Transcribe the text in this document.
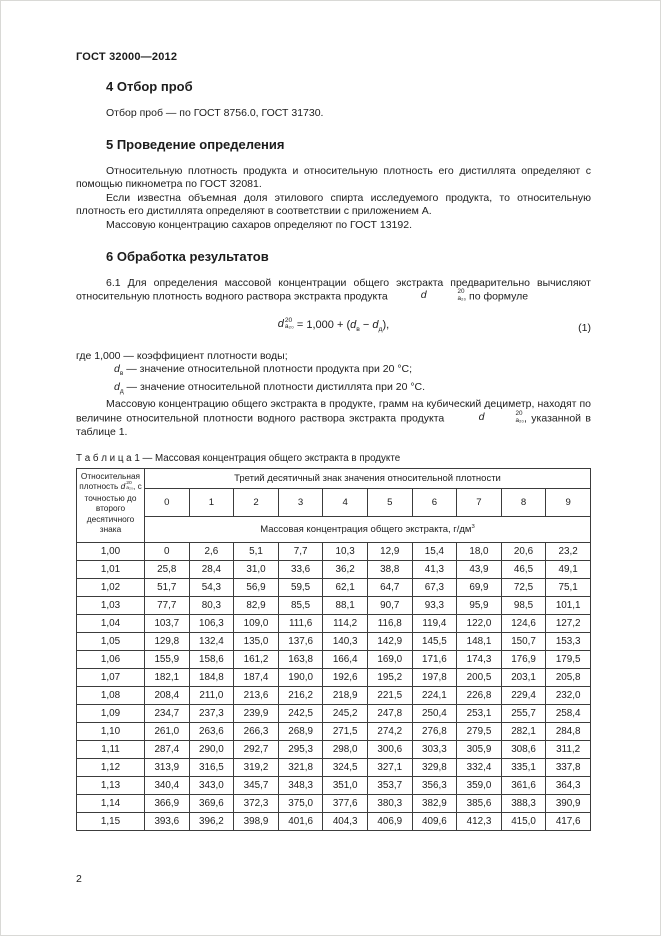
ГОСТ 32000—2012
4 Отбор проб

Отбор проб — по ГОСТ 8756.0, ГОСТ 31730.

5 Проведение определения

Относительную плотность продукта и относительную плотность его дистиллята определяют с помощью пикнометра по ГОСТ 32081.

Если известна объемная доля этилового спирта исследуемого продукта, то относительную плотность его дистиллята определяют в соответствии с приложением А.

Массовую концентрацию сахаров определяют по ГОСТ 13192.

6 Обработка результатов

6.1 Для определения массовой концентрации общего экстракта предварительно вычисляют относительную плотность водного раствора экстракта продукта	d	20
а₂₀ по формуле

d 20
$а_{20} = 1,000 + (d_в - d_д)$,	(1)

где 1,000 — коэффициент плотности воды;

$d_в$ — значение относительной плотности продукта при 20 °С;

$d_д$ — значение относительной плотности дистиллята при 20 °С.

Массовую концентрацию общего экстракта в продукте, грамм на кубический дециметр, находят по величине относительной плотности водного раствора экстракта продукта	d	20
а₂₀ , указанной в таблице 1.

Т а б л и ц а 1 — Массовая концентрация общего экстракта в продукте
Относительная плотность d 20
а₂₀ , с точностью до второго десятичного знака	Третий десятичный знак значения относительной плотности									
	0	1	2	3	4	5	6	7	8	9
	Массовая концентрация общего экстракта, $г/дм^3$
1,00	0	2,6	5,1	7,7	10,3	12,9	15,4	18,0	20,6	23,2
1,01	25,8	28,4	31,0	33,6	36,2	38,8	41,3	43,9	46,5	49,1
1,02	51,7	54,3	56,9	59,5	62,1	64,7	67,3	69,9	72,5	75,1
1,03	77,7	80,3	82,9	85,5	88,1	90,7	93,3	95,9	98,5	101,1
1,04	103,7	106,3	109,0	111,6	114,2	116,8	119,4	122,0	124,6	127,2
1,05	129,8	132,4	135,0	137,6	140,3	142,9	145,5	148,1	150,7	153,3
1,06	155,9	158,6	161,2	163,8	166,4	169,0	171,6	174,3	176,9	179,5
1,07	182,1	184,8	187,4	190,0	192,6	195,2	197,8	200,5	203,1	205,8
1,08	208,4	211,0	213,6	216,2	218,9	221,5	224,1	226,8	229,4	232,0
1,09	234,7	237,3	239,9	242,5	245,2	247,8	250,4	253,1	255,7	258,4
1,10	261,0	263,6	266,3	268,9	271,5	274,2	276,8	279,5	282,1	284,8
1,11	287,4	290,0	292,7	295,3	298,0	300,6	303,3	305,9	308,6	311,2
1,12	313,9	316,5	319,2	321,8	324,5	327,1	329,8	332,4	335,1	337,8
1,13	340,4	343,0	345,7	348,3	351,0	353,7	356,3	359,0	361,6	364,3
1,14	366,9	369,6	372,3	375,0	377,6	380,3	382,9	385,6	388,3	390,9
1,15	393,6	396,2	398,9	401,6	404,3	406,9	409,6	412,3	415,0	417,6
2
